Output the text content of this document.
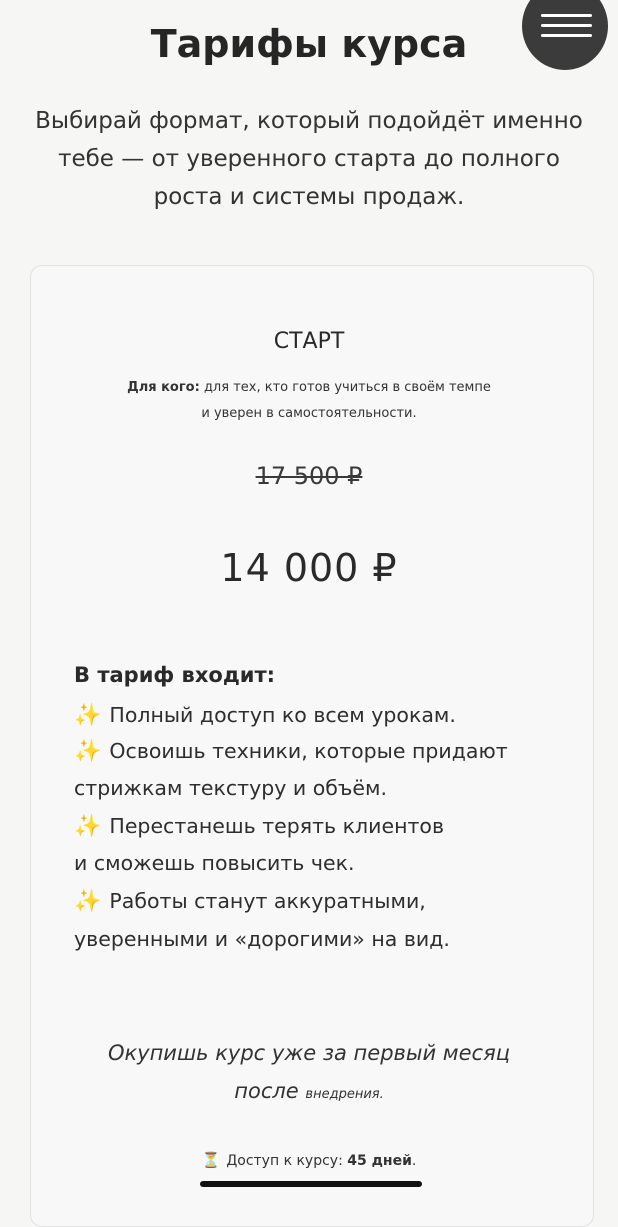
Тарифы курса
Выбирай формат, который подойдёт именно
тебе — от уверенного старта до полного
роста и системы продаж.
СТАРТ
Для кого: для тех, кто готов учиться в своём темпе
и уверен в самостоятельности.
17 500 ₽
14 000 ₽
В тариф входит:
✨ Полный доступ ко всем урокам.
✨ Освоишь техники, которые придают
стрижкам текстуру и объём.
✨ Перестанешь терять клиентов
и сможешь повысить чек.
✨ Работы станут аккуратными,
уверенными и «дорогими» на вид.
Окупишь курс уже за первый месяц
после внедрения.
⏳ Доступ к курсу: 45 дней.
